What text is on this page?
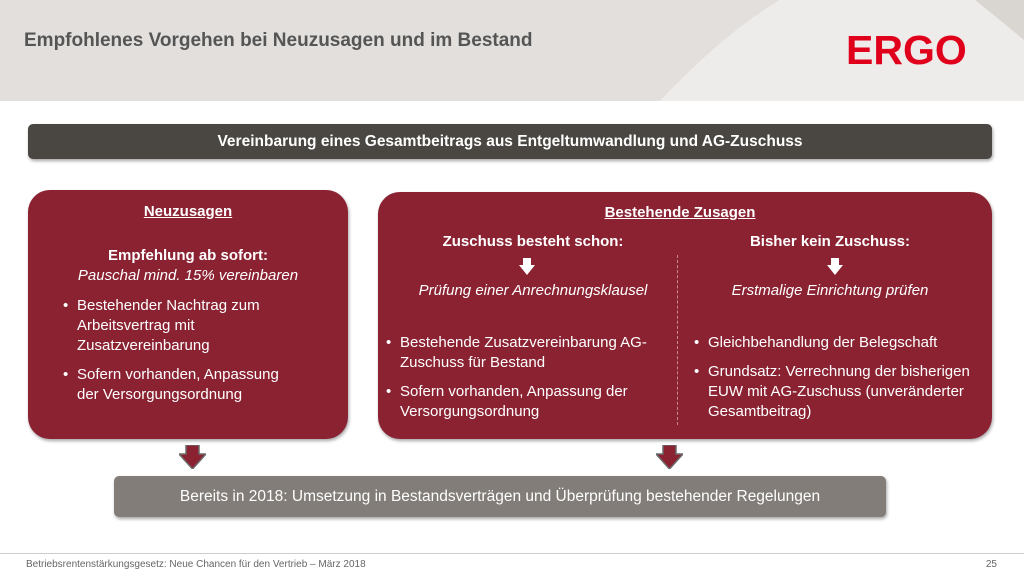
Empfohlenes Vorgehen bei Neuzusagen und im Bestand	ERGO
Vereinbarung eines Gesamtbeitrags aus Entgeltumwandlung und AG-Zuschuss
Neuzusagen
Empfehlung ab sofort:
Pauschal mind. 15% vereinbaren
• Bestehender Nachtrag zum Arbeitsvertrag mit Zusatzvereinbarung
• Sofern vorhanden, Anpassung der Versorgungsordnung
Bestehende Zusagen
Zuschuss besteht schon:
Prüfung einer Anrechnungsklausel
• Bestehende Zusatzvereinbarung AG-Zuschuss für Bestand
• Sofern vorhanden, Anpassung der Versorgungsordnung
Bisher kein Zuschuss:
Erstmalige Einrichtung prüfen
• Gleichbehandlung der Belegschaft
• Grundsatz: Verrechnung der bisherigen EUW mit AG-Zuschuss (unveränderter Gesamtbeitrag)
Bereits in 2018: Umsetzung in Bestandsverträgen und Überprüfung bestehender Regelungen
Betriebsrentenstärkungsgesetz: Neue Chancen für den Vertrieb – März 2018	25
